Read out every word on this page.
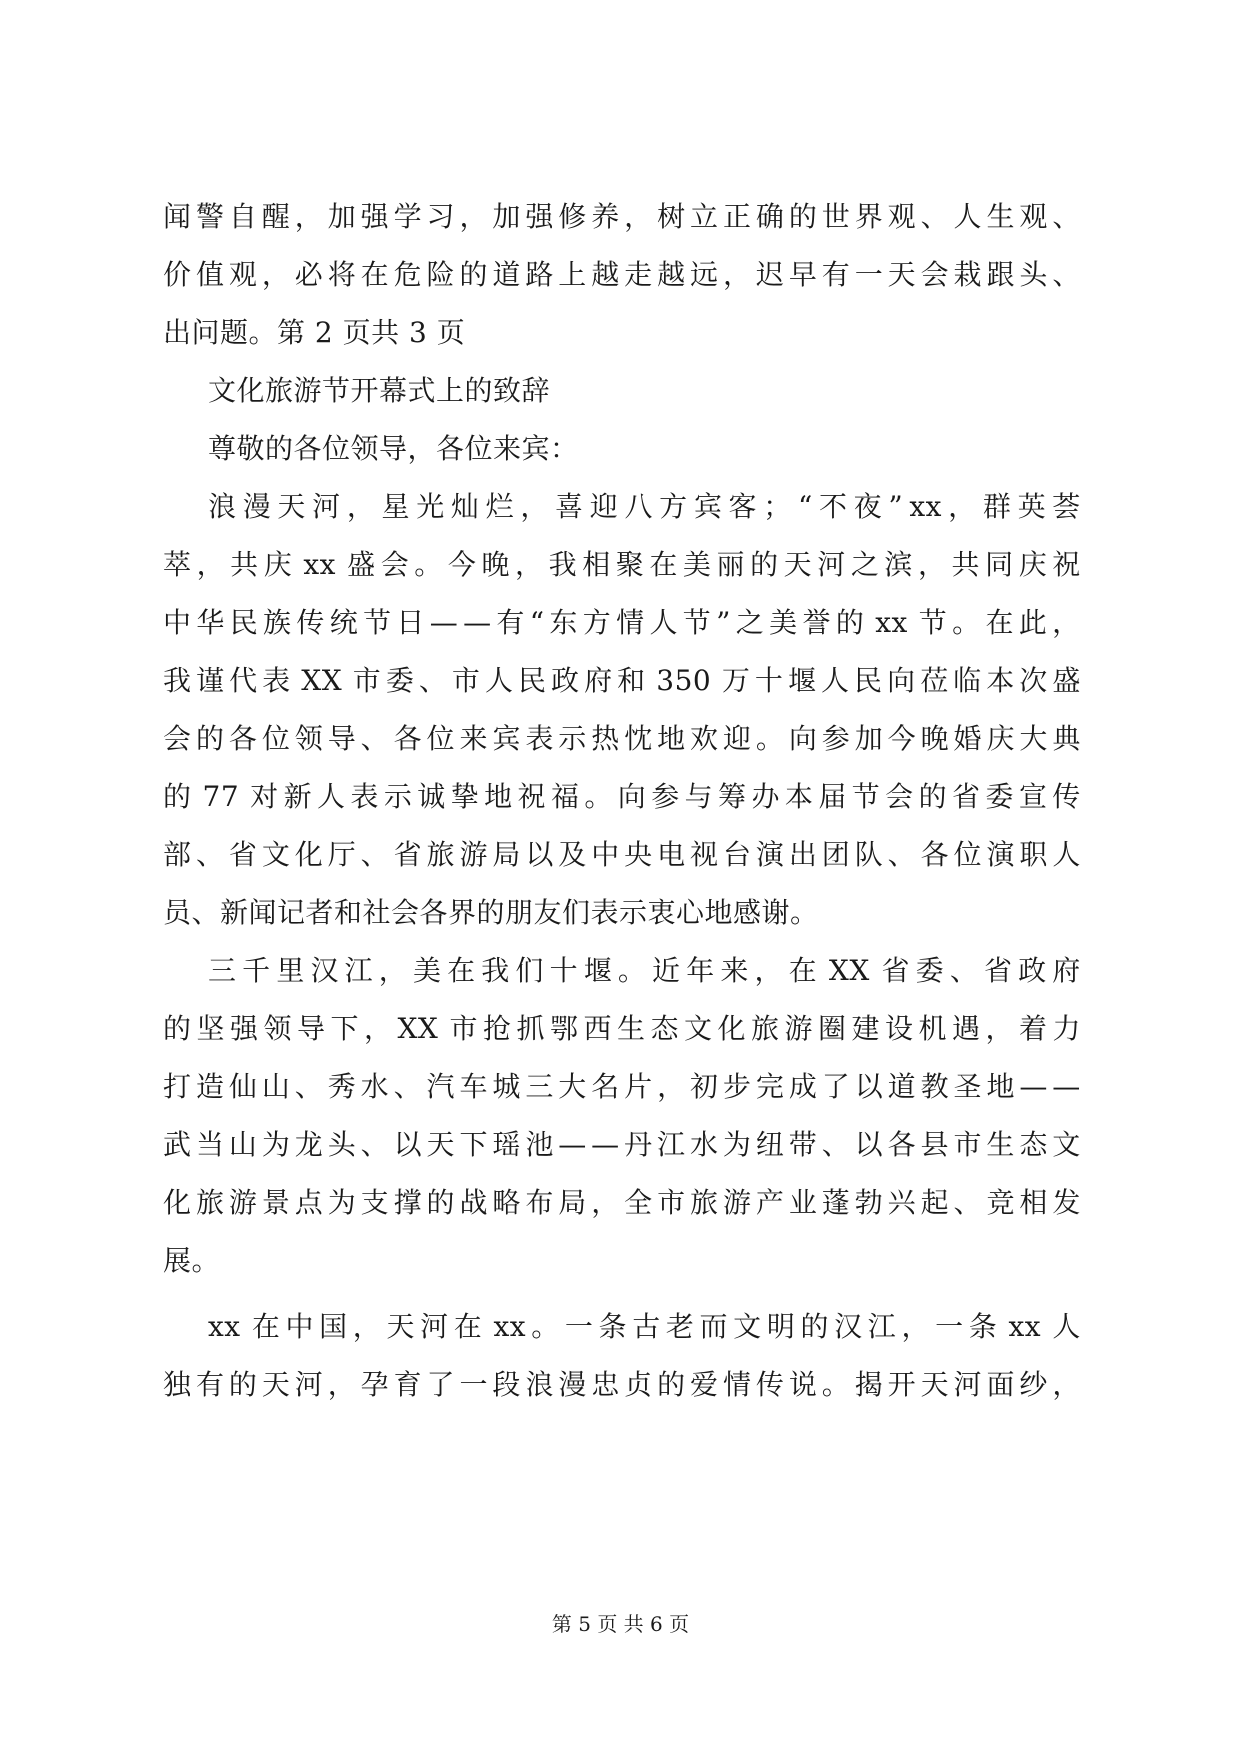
闻 警 自 醒 ， 加 强 学 习 ， 加 强 修 养 ， 树 立 正 确 的 世 界 观 、 人 生 观 、
价 值 观 ， 必 将 在 危 险 的 道 路 上 越 走 越 远 ， 迟 早 有 一 天 会 栽 跟 头 、
出问题。第 2 页共 3 页
文化旅游节开幕式上的致辞
尊敬的各位领导，各位来宾：
浪 漫 天 河 ， 星 光 灿 烂 ， 喜 迎 八 方 宾 客 ； “ 不 夜 ” xx ， 群 英 荟
萃 ， 共 庆  xx  盛 会 。 今 晚 ， 我 相 聚 在 美 丽 的 天 河 之 滨 ， 共 同 庆 祝
中 华 民 族 传 统 节 日 — — 有 “ 东 方 情 人 节 ” 之 美 誉 的  xx  节 。 在 此 ，
我 谨 代 表  XX  市 委 、 市 人 民 政 府 和  350  万 十 堰 人 民 向 莅 临 本 次 盛
会 的 各 位 领 导 、 各 位 来 宾 表 示 热 忱 地 欢 迎 。 向 参 加 今 晚 婚 庆 大 典
的  77  对 新 人 表 示 诚 挚 地 祝 福 。 向 参 与 筹 办 本 届 节 会 的 省 委 宣 传
部 、 省 文 化 厅 、 省 旅 游 局 以 及 中 央 电 视 台 演 出 团 队 、 各 位 演 职 人
员、新闻记者和社会各界的朋友们表示衷心地感谢。
三 千 里 汉 江 ， 美 在 我 们 十 堰 。 近 年 来 ， 在  XX  省 委 、 省 政 府
的 坚 强 领 导 下 ， XX  市 抢 抓 鄂 西 生 态 文 化 旅 游 圈 建 设 机 遇 ， 着 力
打 造 仙 山 、 秀 水 、 汽 车 城 三 大 名 片 ， 初 步 完 成 了 以 道 教 圣 地 — —
武 当 山 为 龙 头 、 以 天 下 瑶 池 — — 丹 江 水 为 纽 带 、 以 各 县 市 生 态 文
化 旅 游 景 点 为 支 撑 的 战 略 布 局 ， 全 市 旅 游 产 业 蓬 勃 兴 起 、 竞 相 发
展。
xx  在 中 国 ， 天 河 在  xx 。 一 条 古 老 而 文 明 的 汉 江 ， 一 条  xx  人
独 有 的 天 河 ， 孕 育 了 一 段 浪 漫 忠 贞 的 爱 情 传 说 。 揭 开 天 河 面 纱 ，
第 5 页 共 6 页
